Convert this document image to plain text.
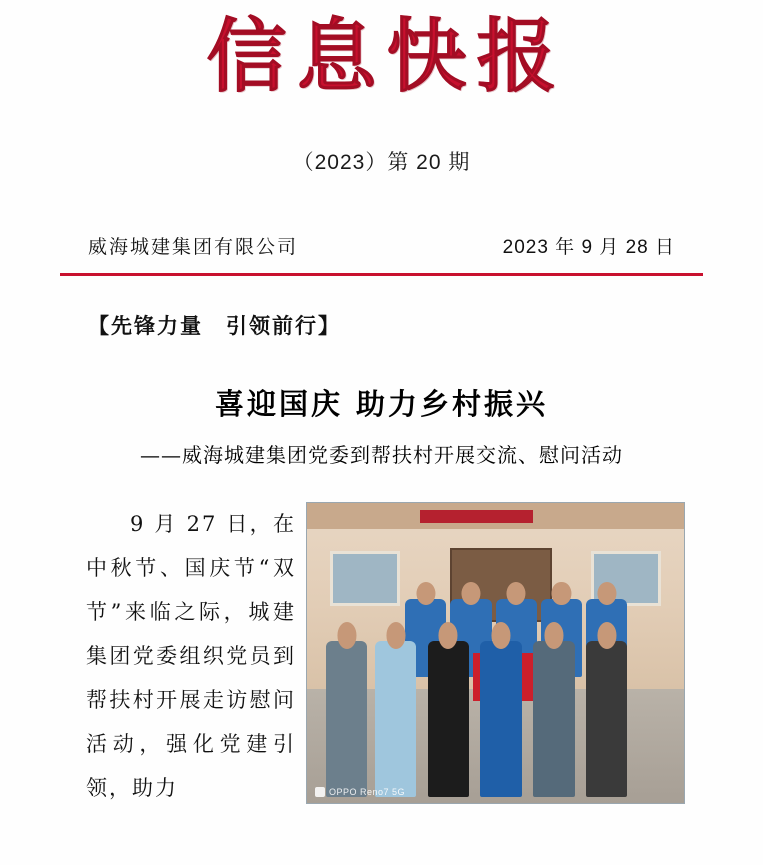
信息快报
（2023）第 20 期
威海城建集团有限公司	2023 年 9 月 28 日
【先锋力量　引领前行】
喜迎国庆 助力乡村振兴
——威海城建集团党委到帮扶村开展交流、慰问活动

9 月 27 日，在中秋节、国庆节“双节”来临之际，城建集团党委组织党员到帮扶村开展走访慰问活动，强化党建引领，助力	OPPO Reno7 5G
